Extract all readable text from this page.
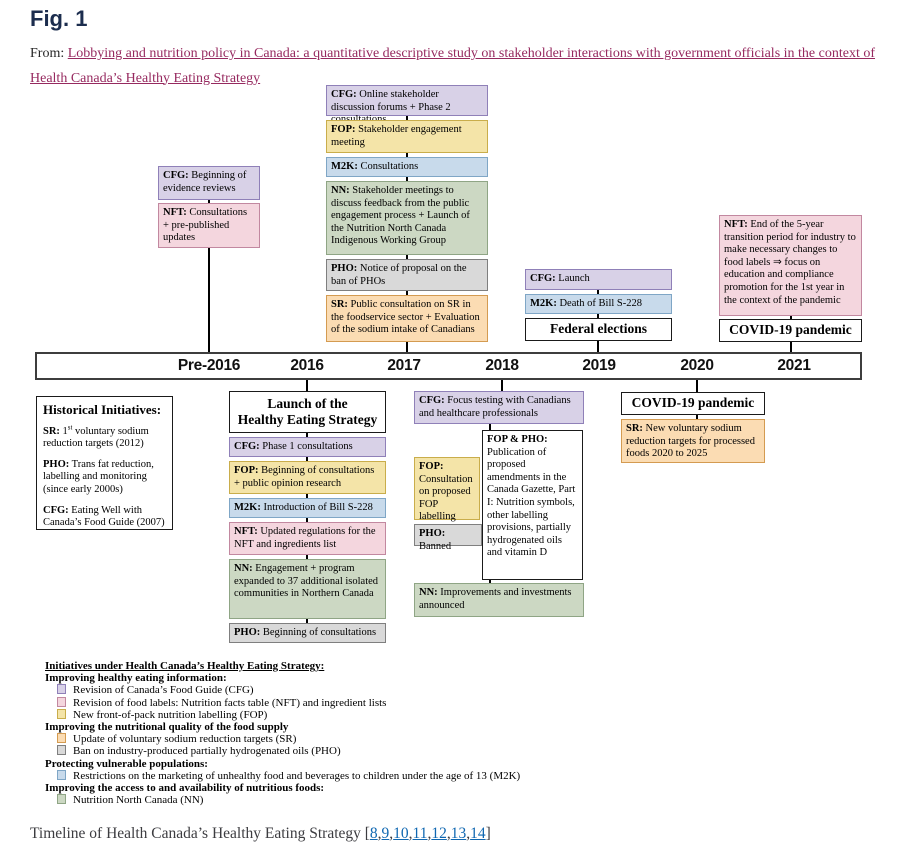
Fig. 1
From: Lobbying and nutrition policy in Canada: a quantitative descriptive study on stakeholder interactions with government officials in the context of Health Canada’s Healthy Eating Strategy
CFG: Beginning of evidence reviews
NFT: Consultations + pre-published updates
CFG: Online stakeholder discussion forums + Phase 2
FOP: Stakeholder engagement meeting
M2K: Consultations
NN: Stakeholder meetings to discuss feedback from the public engagement process + Launch of the Nutrition North Canada Indigenous Working Group
PHO: Notice of proposal on the ban of PHOs
SR: Public consultation on SR in the foodservice sector + Evaluation of the sodium intake of Canadians
CFG: Launch
M2K: Death of Bill S-228
Federal elections
NFT: End of the 5-year transition period for industry to make necessary changes to food labels ⇒ focus on education and compliance promotion for the 1st year in the context of the pandemic
COVID-19 pandemic
Historical Initiatives:
SR: 1st voluntary sodium reduction targets (2012)
PHO: Trans fat reduction, labelling and monitoring (since early 2000s)
CFG: Eating Well with Canada’s Food Guide (2007)
Launch of the
Healthy Eating Strategy
CFG: Phase 1 consultations
FOP: Beginning of consultations + public opinion research
M2K: Introduction of Bill S-228
NFT: Updated regulations for the NFT and ingredients list
NN: Engagement + program expanded to 37 additional isolated communities in Northern Canada
PHO: Beginning of consultations
CFG: Focus testing with Canadians and healthcare professionals
FOP & PHO: Publication of proposed amendments in the Canada Gazette, Part I: Nutrition symbols, other labelling provisions, partially hydrogenated oils and vitamin D
FOP: Consultation on proposed FOP labelling
PHO: Banned
NN: Improvements and investments announced
COVID-19 pandemic
SR: New voluntary sodium reduction targets for processed foods 2020 to 2025
Pre-2016	2016	2017	2018	2019	2020	2021
Initiatives under Health Canada’s Healthy Eating Strategy:
Improving healthy eating information:
Revision of Canada’s Food Guide (CFG)
Revision of food labels: Nutrition facts table (NFT) and ingredient lists
New front-of-pack nutrition labelling (FOP)
Improving the nutritional quality of the food supply
Update of voluntary sodium reduction targets (SR)
Ban on industry-produced partially hydrogenated oils (PHO)
Protecting vulnerable populations:
Restrictions on the marketing of unhealthy food and beverages to children under the age of 13 (M2K)
Improving the access to and availability of nutritious foods:
Nutrition North Canada (NN)
Timeline of Health Canada’s Healthy Eating Strategy [8,9,10,11,12,13,14]
